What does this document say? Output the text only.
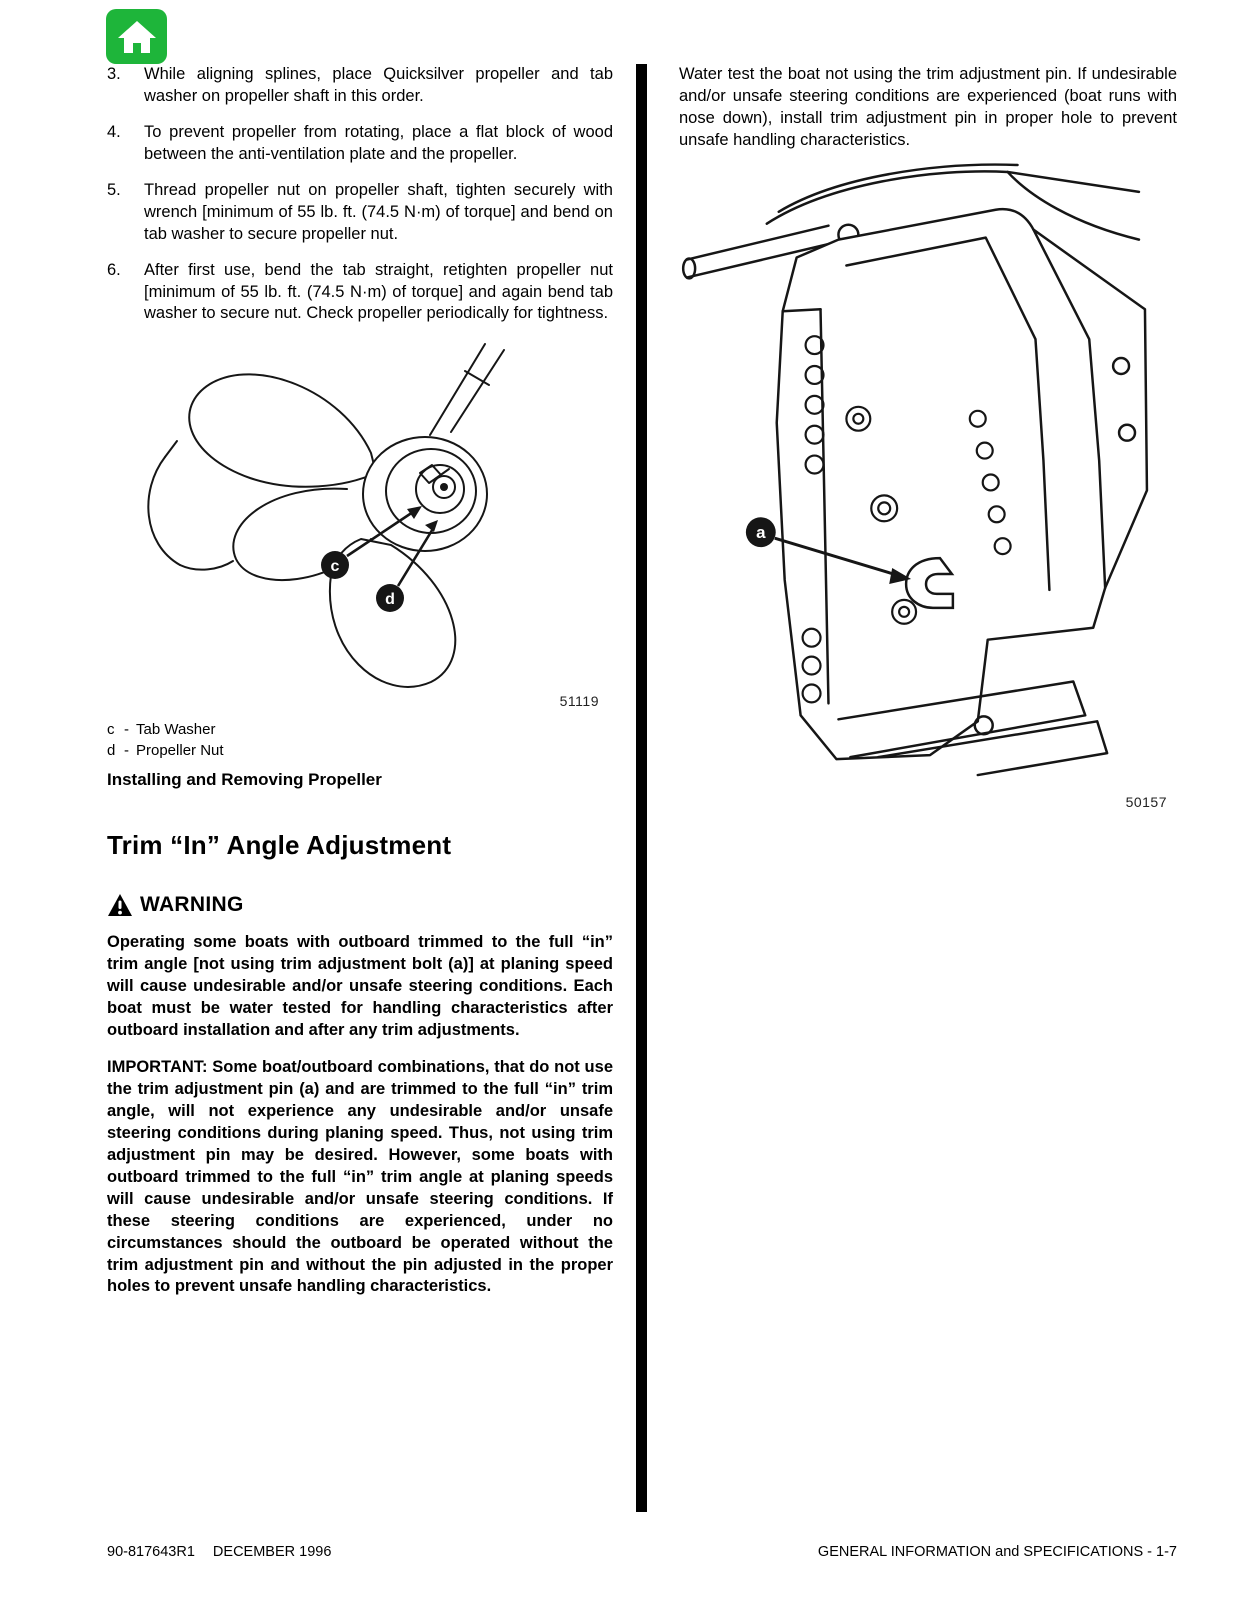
3.	While aligning splines, place Quicksilver propeller and tab washer on propeller shaft in this order.
4.	To prevent propeller from rotating, place a flat block of wood between the anti-ventilation plate and the propeller.
5.	Thread propeller nut on propeller shaft, tighten securely with wrench [minimum of 55 lb. ft. (74.5 N·m) of torque] and bend on tab washer to secure propeller nut.
6.	After first use, bend the tab straight, retighten propeller nut [minimum of 55 lb. ft. (74.5 N·m) of torque] and again bend tab washer to secure nut. Check propeller periodically for tightness.
c
d
51119
c - Tab Washer
d - Propeller Nut
Installing and Removing Propeller
Trim “In” Angle Adjustment
WARNING

Operating some boats with outboard trimmed to the full “in” trim angle [not using trim adjustment bolt (a)] at planing speed will cause undesirable and/or unsafe steering conditions. Each boat must be water tested for handling characteristics after outboard installation and after any trim adjustments.

IMPORTANT: Some boat/outboard combinations, that do not use the trim adjustment pin (a) and are trimmed to the full “in” trim angle, will not experience any undesirable and/or unsafe steering conditions during planing speed. Thus, not using trim adjustment pin may be desired. However, some boats with outboard trimmed to the full “in” trim angle at planing speeds will cause undesirable and/or unsafe steering conditions. If these steering conditions are experienced, under no circumstances should the outboard be operated without the trim adjustment pin and without the pin adjusted in the proper holes to prevent unsafe handling characteristics.

Water test the boat not using the trim adjustment pin. If undesirable and/or unsafe steering conditions are experienced (boat runs with nose down), install trim adjustment pin in proper hole to prevent unsafe handling characteristics.

a
50157
90-817643R1 DECEMBER 1996	GENERAL INFORMATION and SPECIFICATIONS - 1-7
